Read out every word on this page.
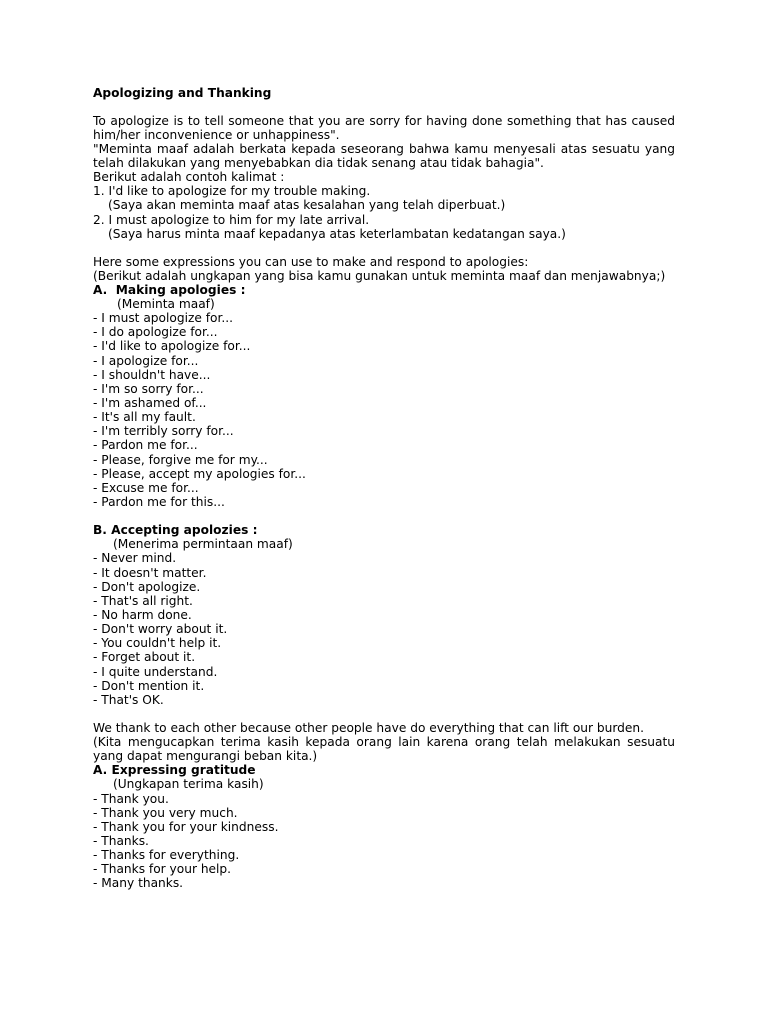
Apologizing and Thanking
To apologize is to tell someone that you are sorry for having done something that has caused him/her inconvenience or unhappiness".
"Meminta maaf adalah berkata kepada seseorang bahwa kamu menyesali atas sesuatu yang telah dilakukan yang menyebabkan dia tidak senang atau tidak bahagia".
Berikut adalah contoh kalimat :
1. I'd like to apologize for my trouble making.
(Saya akan meminta maaf atas kesalahan yang telah diperbuat.)
2. I must apologize to him for my late arrival.
(Saya harus minta maaf kepadanya atas keterlambatan kedatangan saya.)
Here some expressions you can use to make and respond to apologies:
(Berikut adalah ungkapan yang bisa kamu gunakan untuk meminta maaf dan menjawabnya;)
A.  Making apologies :
(Meminta maaf)
- I must apologize for...
- I do apologize for...
- I'd like to apologize for...
- I apologize for...
- I shouldn't have...
- I'm so sorry for...
- I'm ashamed of...
- It's all my fault.
- I'm terribly sorry for...
- Pardon me for...
- Please, forgive me for my...
- Please, accept my apologies for...
- Excuse me for...
- Pardon me for this...
B. Accepting apolozies :
(Menerima permintaan maaf)
- Never mind.
- It doesn't matter.
- Don't apologize.
- That's all right.
- No harm done.
- Don't worry about it.
- You couldn't help it.
- Forget about it.
- I quite understand.
- Don't mention it.
- That's OK.
We thank to each other because other people have do everything that can lift our burden.
(Kita mengucapkan terima kasih kepada orang lain karena orang telah melakukan sesuatu yang dapat mengurangi beban kita.)
A. Expressing gratitude
(Ungkapan terima kasih)
- Thank you.
- Thank you very much.
- Thank you for your kindness.
- Thanks.
- Thanks for everything.
- Thanks for your help.
- Many thanks.
